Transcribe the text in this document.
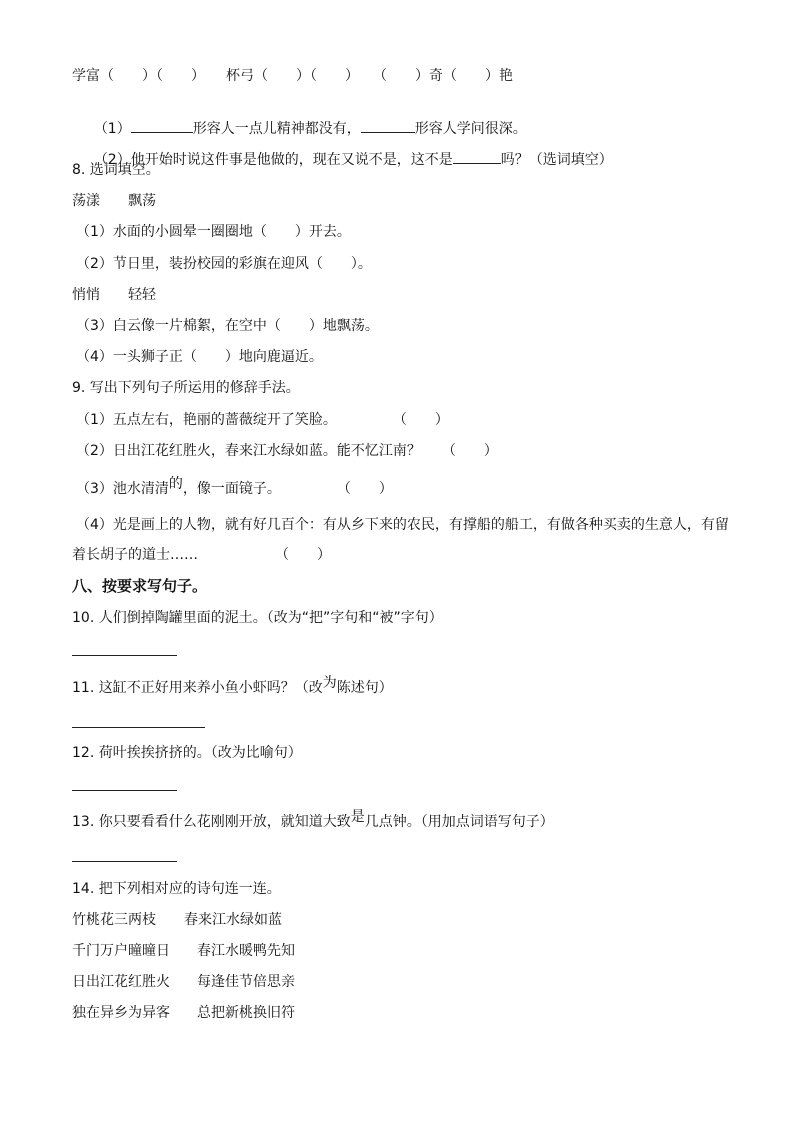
学富（　　）（　　）　　杯弓（　　）（　　）　　（　　）奇（　　）艳

（1）	形容人一点儿精神都没有，	形容人学问很深。

（2）他开始时说这件事是他做的，现在又说不是，这不是	吗？（选词填空）

8. 选词填空。
荡漾　　飘荡
（1）水面的小圆晕一圈圈地（　　）开去。
（2）节日里，装扮校园的彩旗在迎风（　　）。
悄悄　　轻轻
（3）白云像一片棉絮，在空中（　　）地飘荡。
（4）一头狮子正（　　）地向鹿逼近。
9. 写出下列句子所运用的修辞手法。
（1）五点左右，艳丽的蔷薇绽开了笑脸。　　　　　（　　）
（2）日出江花红胜火，春来江水绿如蓝。能不忆江南？　　（　　）
（3）池水清清的，像一面镜子。　　　　　（　　）
（4）光是画上的人物，就有好几百个：有从乡下来的农民，有撑船的船工，有做各种买卖的生意人，有留
着长胡子的道士……　　　　　　（　　）
八、按要求写句子。
10. 人们倒掉陶罐里面的泥土。（改为“把”字句和“被”字句）
11. 这缸不正好用来养小鱼小虾吗？（改为陈述句）
12. 荷叶挨挨挤挤的。（改为比喻句）
13. 你只要看看什么花刚刚开放，就知道大致是几点钟。（用加点词语写句子）
14. 把下列相对应的诗句连一连。
竹桃花三两枝 春来江水绿如蓝
千门万户曈曈日 春江水暖鸭先知
日出江花红胜火 每逢佳节倍思亲
独在异乡为异客 总把新桃换旧符
